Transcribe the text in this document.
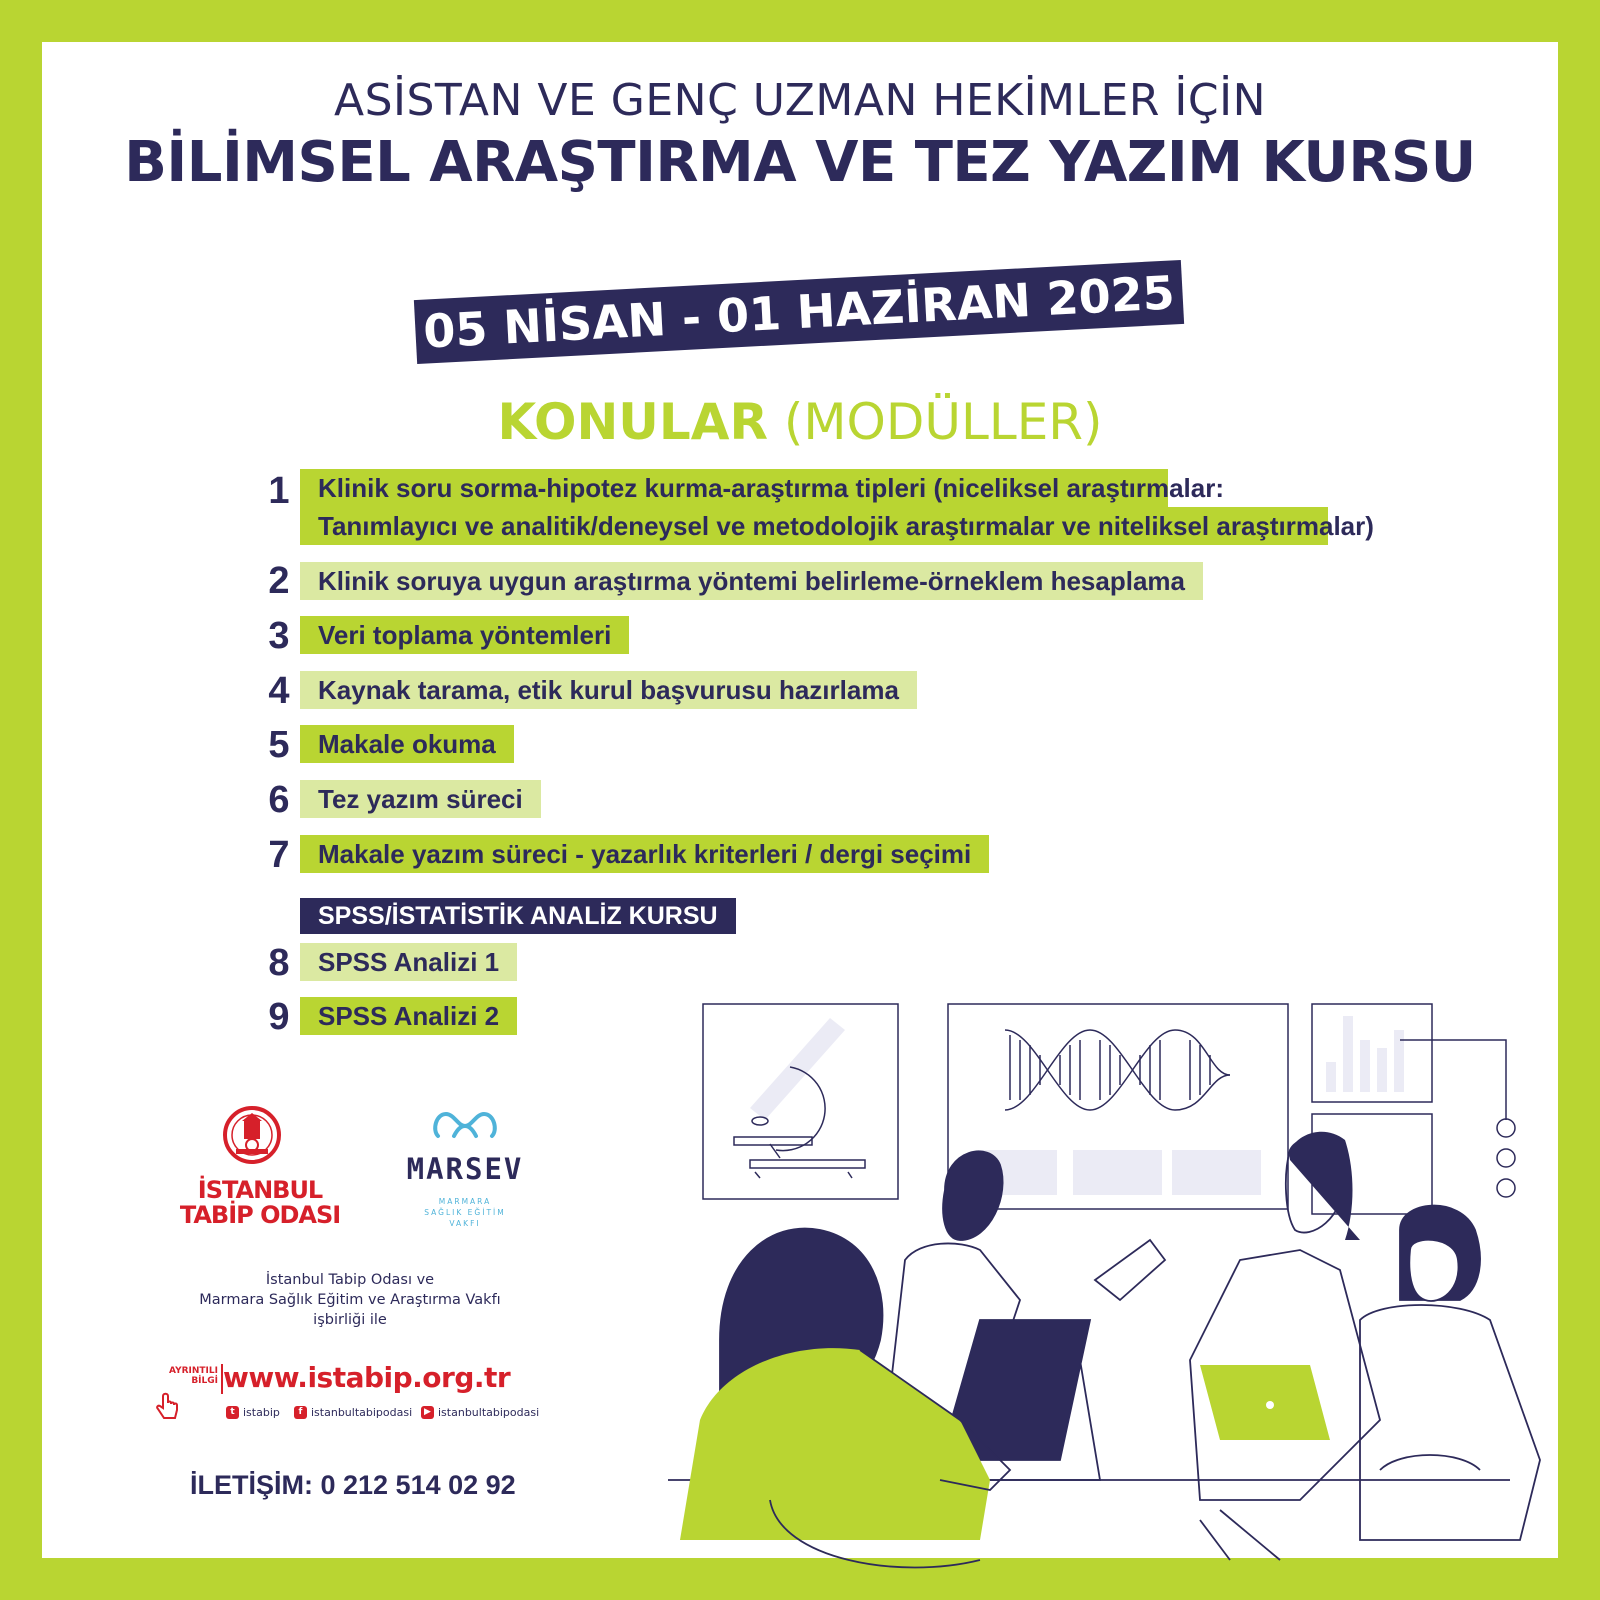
ASİSTAN VE GENÇ UZMAN HEKİMLER İÇİN
BİLİMSEL ARAŞTIRMA VE TEZ YAZIM KURSU
05 NİSAN - 01 HAZİRAN 2025
KONULAR (MODÜLLER)
1	Klinik soru sorma-hipotez kurma-araştırma tipleri (niceliksel araştırmalar:
Tanımlayıcı ve analitik/deneysel ve metodolojik araştırmalar ve niteliksel araştırmalar)
2	Klinik soruya uygun araştırma yöntemi belirleme-örneklem hesaplama
3	Veri toplama yöntemleri
4	Kaynak tarama, etik kurul başvurusu hazırlama
5	Makale okuma
6	Tez yazım süreci
7	Makale yazım süreci - yazarlık kriterleri / dergi seçimi
SPSS/İSTATİSTİK ANALİZ KURSU
8	SPSS Analizi 1
9	SPSS Analizi 2
İSTANBUL
TABİP ODASI
MARSEV
MARMARA
SAĞLIK EĞİTİM
VAKFI
İstanbul Tabip Odası ve
Marmara Sağlık Eğitim ve Araştırma Vakfı
işbirliği ile
AYRINTILI
BİLGİ www.istabip.org.tr
t istabip	f istanbultabipodasi	▶ istanbultabipodasi
İLETİŞİM: 0 212 514 02 92
